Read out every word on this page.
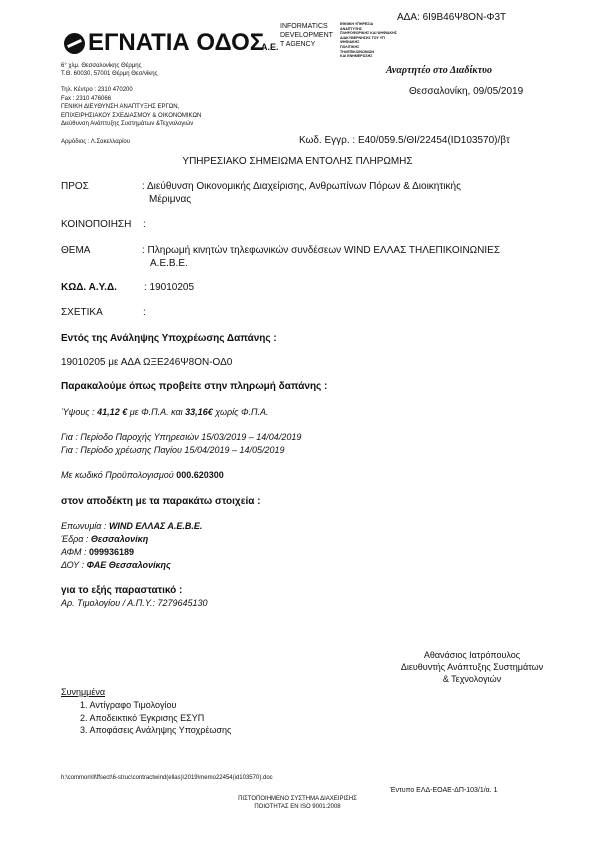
ΑΔΑ: 6Ι9Β46Ψ8ΟΝ-Φ3Τ
ΕΓΝΑΤΙΑ ΟΔΟΣ
Α.Ε.
INFORMATICS
DEVELOPMENT
T AGENCY
ΕΘΝΙΚΗ ΥΠΗΡΕΣΙΑ
ΑΝΑΠΤΥΞΗΣ
ΠΛΗΡΟΦΟΡΙΚΗΣ ΚΑΙ ΨΗΦΙΑΚΗΣ
ΔΙΑΚΥΒΕΡΝΗΣΗΣ ΤΟΥ ΥΠ
ΨΗΦΙΑΚΗΣ
ΠΟΛΙΤΙΚΗΣ
ΤΗΛΕΠΙΚΟΙΝΩΝΙΩΝ
ΚΑΙ ΕΝΗΜΕΡΩΣΗΣ
6° χλμ. Θεσσαλονίκης Θέρμης
Τ.Θ. 60030, 57001 Θέρμη Θεσ/νίκης
Τηλ. Κέντρο : 2310 470200
Fax : 2310 476066
ΓΕΝΙΚΗ ΔΙΕΥΘΥΝΣΗ ΑΝΑΠΤΥΞΗΣ ΕΡΓΩΝ,
ΕΠΙΧΕΙΡΗΣΙΑΚΟΥ ΣΧΕΔΙΑΣΜΟΥ & ΟΙΚΟΝΟΜΙΚΩΝ
Διεύθυνση Ανάπτυξης Συστημάτων &Τεχνολογιών
Αρμόδιος : Λ.Σακελλαρίου
Αναρτητέο στο Διαδίκτυο
Θεσσαλονίκη, 09/05/2019
Κωδ. Εγγρ. : Ε40/059.5/ΘΙ/22454(ID103570)/βτ
ΥΠΗΡΕΣΙΑΚΟ ΣΗΜΕΙΩΜΑ ΕΝΤΟΛΗΣ ΠΛΗΡΩΜΗΣ
ΠΡΟΣ	: Διεύθυνση Οικονομικής Διαχείρισης, Ανθρωπίνων Πόρων & Διοικητικής
Μέριμνας
ΚΟΙΝΟΠΟΙΗΣΗ :
ΘΕΜΑ	: Πληρωμή κινητών τηλεφωνικών συνδέσεων WIND ΕΛΛΑΣ ΤΗΛΕΠΙΚΟΙΝΩΝΙΕΣ
Α.Ε.Β.Ε.
ΚΩΔ. Α.Υ.Δ.	: 19010205
ΣΧΕΤΙΚΑ	:
Εντός της Ανάληψης Υποχρέωσης Δαπάνης :
19010205 με ΑΔΑ ΩΞΕ246Ψ8ΟΝ-ΟΔ0
Παρακαλούμε όπως προβείτε στην πληρωμή δαπάνης :
Ύψους : 41,12 € με Φ.Π.Α. και 33,16€ χωρίς Φ.Π.Α.
Για : Περίοδο Παροχής Υπηρεσιών 15/03/2019 – 14/04/2019
Για : Περίοδο χρέωσης Παγίου 15/04/2019 – 14/05/2019
Με κωδικό Προϋπολογισμού 000.620300
στον αποδέκτη με τα παρακάτω στοιχεία :
Επωνυμία : WIND ΕΛΛΑΣ Α.Ε.Β.Ε.
Έδρα : Θεσσαλονίκη
ΑΦΜ : 099936189
ΔΟΥ : ΦΑΕ Θεσσαλονίκης
για το εξής παραστατικό :
Αρ. Τιμολογίου / Α.Π.Υ.: 7279645130
Αθανάσιος Ιατρόπουλος
Διευθυντής Ανάπτυξης Συστημάτων
& Τεχνολογιών
Συνημμένα
1. Αντίγραφο Τιμολογίου
2. Αποδεικτικό Έγκρισης ΕΣΥΠ
3. Αποφάσεις Ανάληψης Υποχρέωσης
h:\common\ll\ffsect\6-struc\contractwind(ellas)\2019\memo22454(id103570).doc
Έντυπο ΕΛΔ-ΕΟΑΕ-ΔΠ-103/1/α. 1
ΠΙΣΤΟΠΟΙΗΜΕΝΟ ΣΥΣΤΗΜΑ ΔΙΑΧΕΙΡΙΣΗΣ
ΠΟΙΟΤΗΤΑΣ ΕΝ ISO 9001:2008
